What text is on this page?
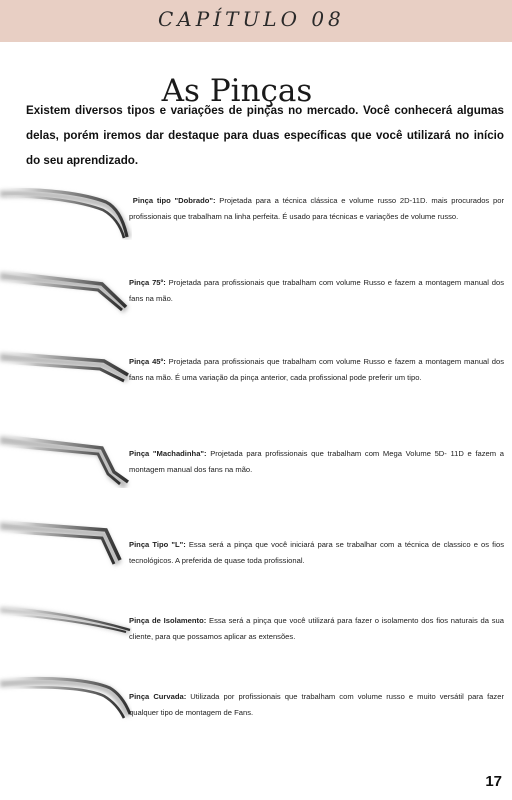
CAPÍTULO 08
As Pinças

Existem diversos tipos e variações de pinças no mercado. Você conhecerá algumas delas, porém iremos dar destaque para duas específicas que você utilizará no início do seu aprendizado.

Pinça tipo "Dobrado": Projetada para a técnica clássica e volume russo 2D-11D. mais procurados por profissionais que trabalham na linha perfeita. É usado para técnicas e variações de volume russo.

Pinça 75º: Projetada para profissionais que trabalham com volume Russo e fazem a montagem manual dos fans na mão.

Pinça 45º: Projetada para profissionais que trabalham com volume Russo e fazem a montagem manual dos fans na mão. É uma variação da pinça anterior, cada profissional pode preferir um tipo.

Pinça "Machadinha": Projetada para profissionais que trabalham com Mega Volume 5D- 11D e fazem a montagem manual dos fans na mão.

Pinça Tipo "L": Essa será a pinça que você iniciará para se trabalhar com a técnica de classico e os fios tecnológicos. A preferida de quase toda profissional.

Pinça de Isolamento: Essa será a pinça que você utilizará para fazer o isolamento dos fios naturais da sua cliente, para que possamos aplicar as extensões.

Pinça Curvada: Utilizada por profissionais que trabalham com volume russo e muito versátil para fazer qualquer tipo de montagem de Fans.

17
